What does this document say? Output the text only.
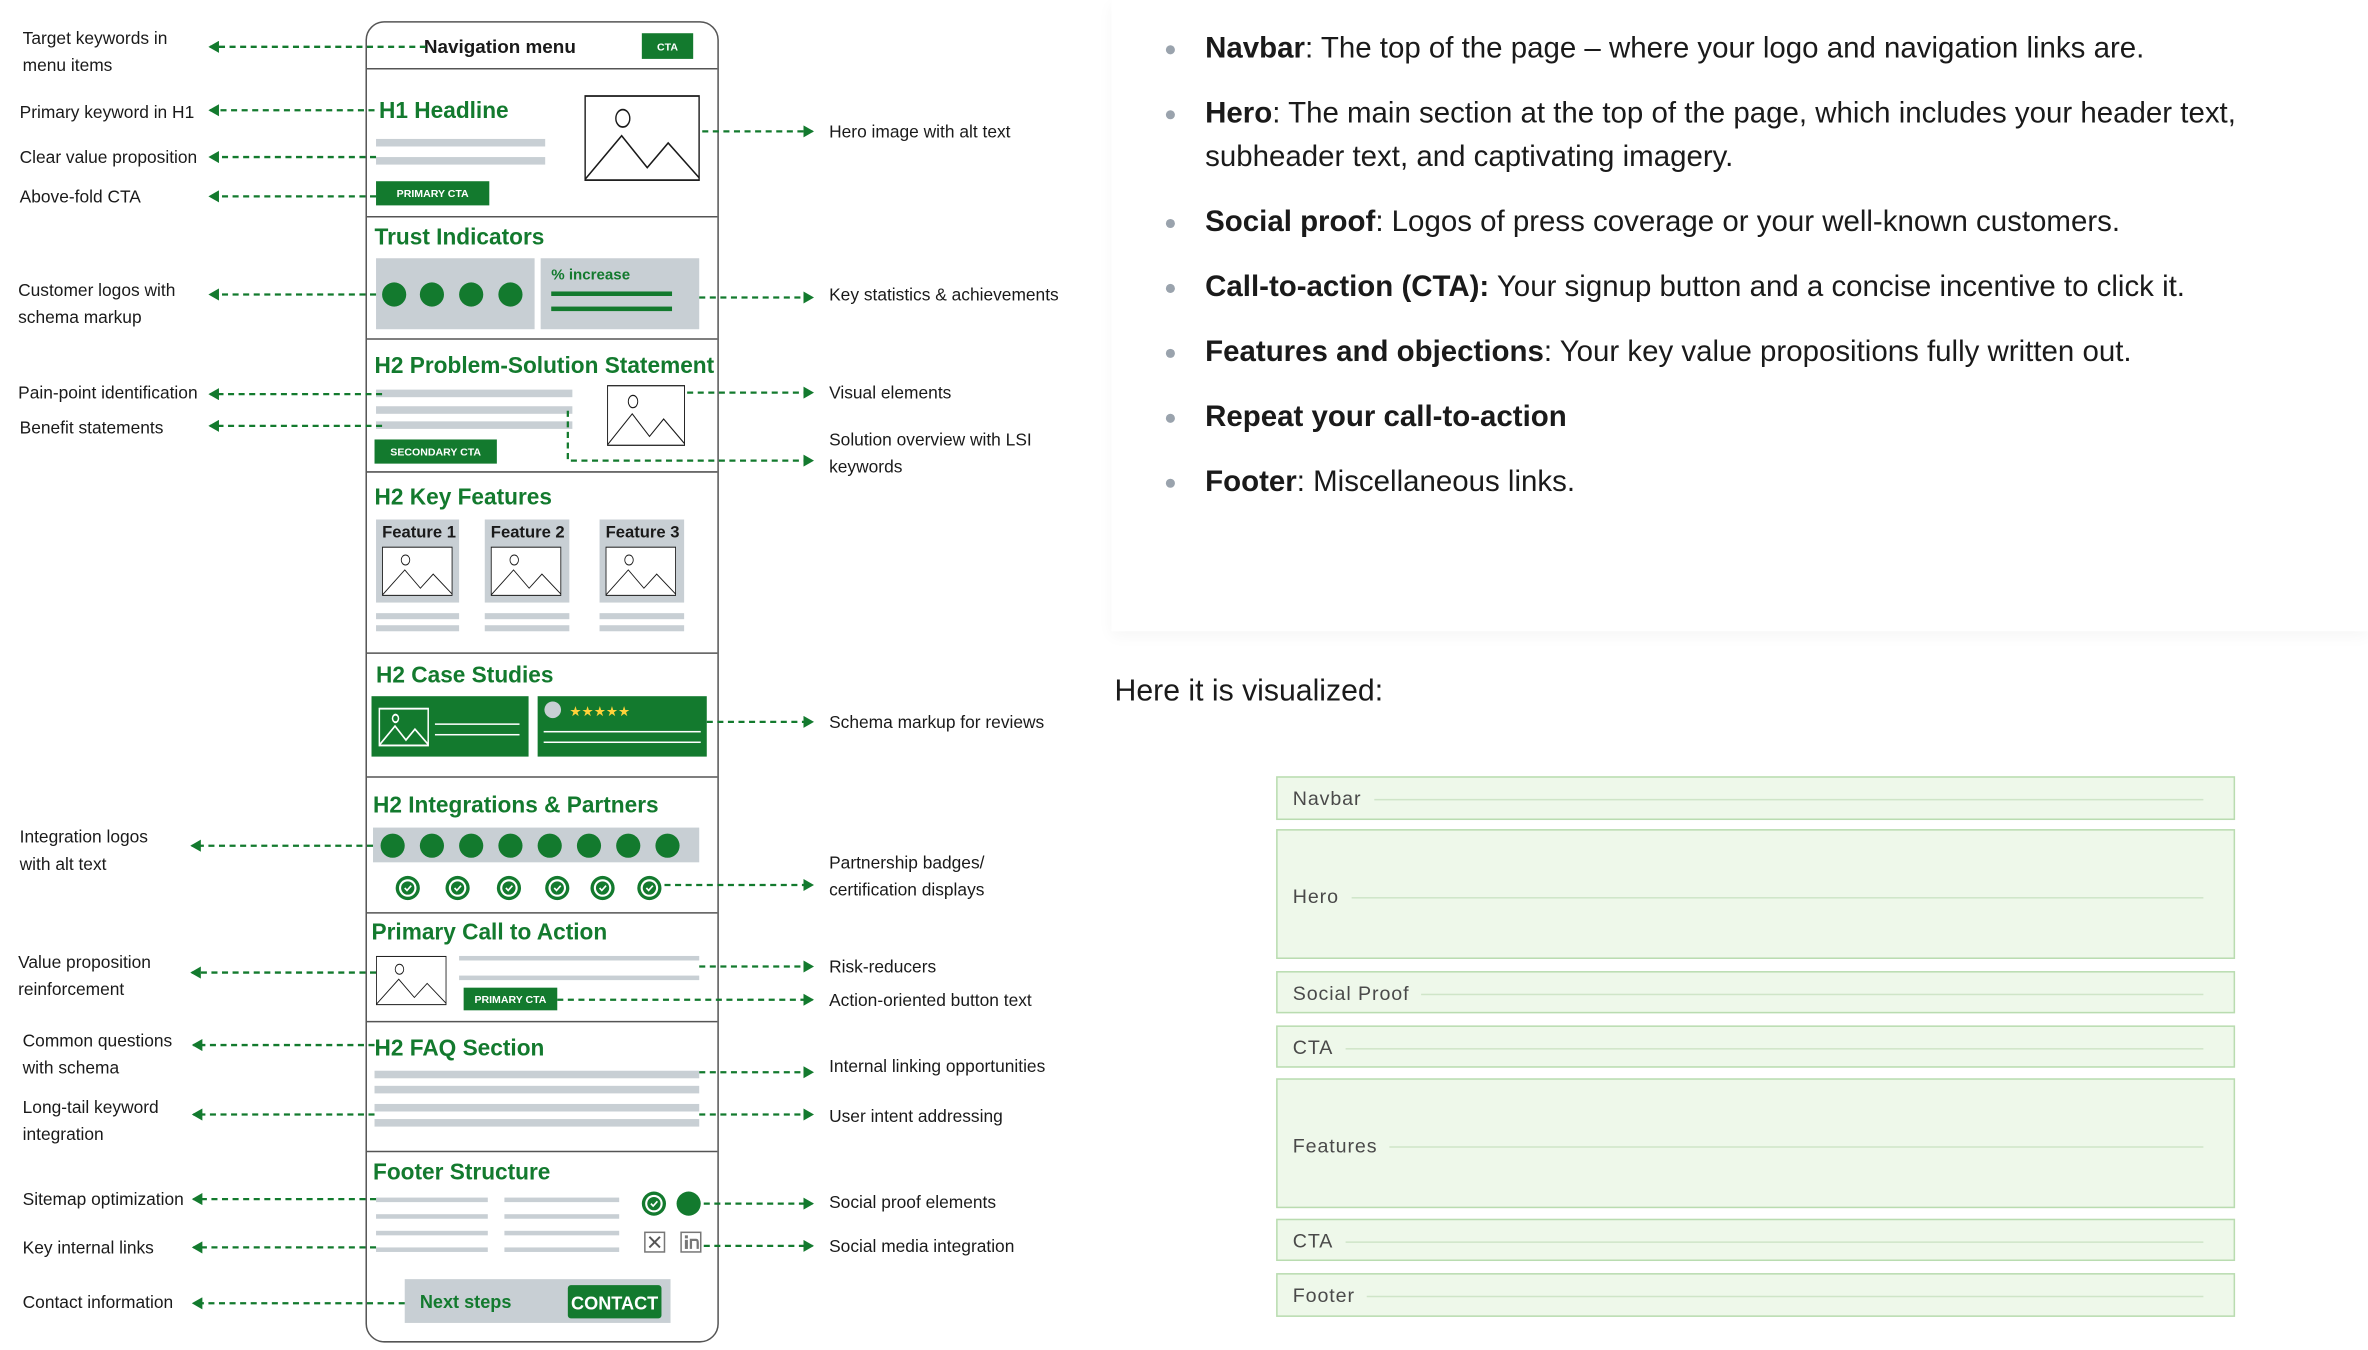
Navigation menu	CTA
H1 Headline
PRIMARY CTA
Trust Indicators
% increase
H2 Problem-Solution Statement
SECONDARY CTA
H2 Key Features
Feature 1	Feature 2	Feature 3
H2 Case Studies
★★★★★
H2 Integrations & Partners
Primary Call to Action
PRIMARY CTA
H2 FAQ Section
Footer Structure
Next steps	CONTACT
Target keywords in menu items
Primary keyword in H1
Clear value proposition
Above-fold CTA
Customer logos with schema markup
Pain-point identification
Benefit statements
Integration logos with alt text
Value proposition reinforcement
Common questions with schema
Long-tail keyword integration
Sitemap optimization
Key internal links
Contact information
Hero image with alt text
Key statistics & achievements
Visual elements
Solution overview with LSI keywords
Schema markup for reviews
Partnership badges/ certification displays
Risk-reducers
Action-oriented button text
Internal linking opportunities
User intent addressing
Social proof elements
Social media integration
Navbar: The top of the page – where your logo and navigation links are.
Hero: The main section at the top of the page, which includes your header text, subheader text, and captivating imagery.
Social proof: Logos of press coverage or your well-known customers.
Call-to-action (CTA): Your signup button and a concise incentive to click it.
Features and objections: Your key value propositions fully written out.
Repeat your call-to-action
Footer: Miscellaneous links.

Here it is visualized:

Navbar
Hero
Social Proof
CTA
Features
CTA
Footer
